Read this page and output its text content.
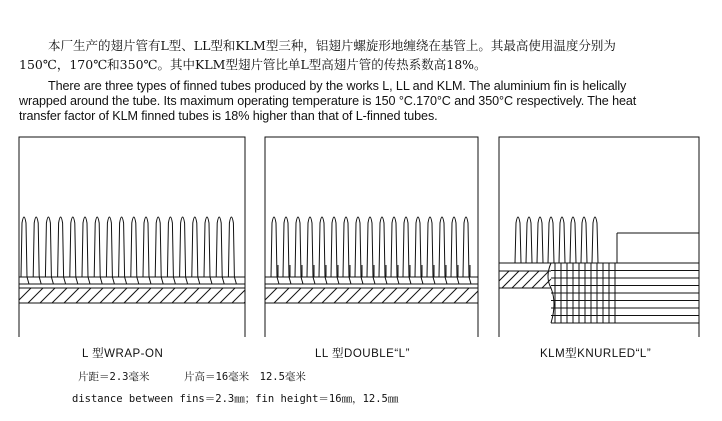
本厂生产的翅片管有L型、LL型和KLM型三种，铝翅片螺旋形地缠绕在基管上。其最高使用温度分别为
150℃，170℃和350℃。其中KLM型翅片管比单L型高翅片管的传热系数高18%。
There are three types of finned tubes produced by the works L, LL and KLM. The aluminium fin is helically
wrapped around the tube. Its maximum operating temperature is 150 °C.170°C and 350°C respectively. The heat
transfer factor of KLM finned tubes is 18% higher than that of L-finned tubes.
L 型WRAP-ON	LL 型DOUBLE“L”	KLM型KNURLED“L”
片距＝2.3毫米	片高＝16毫米　12.5毫米
distance between fins＝2.3㎜；fin height＝16㎜，12.5㎜
